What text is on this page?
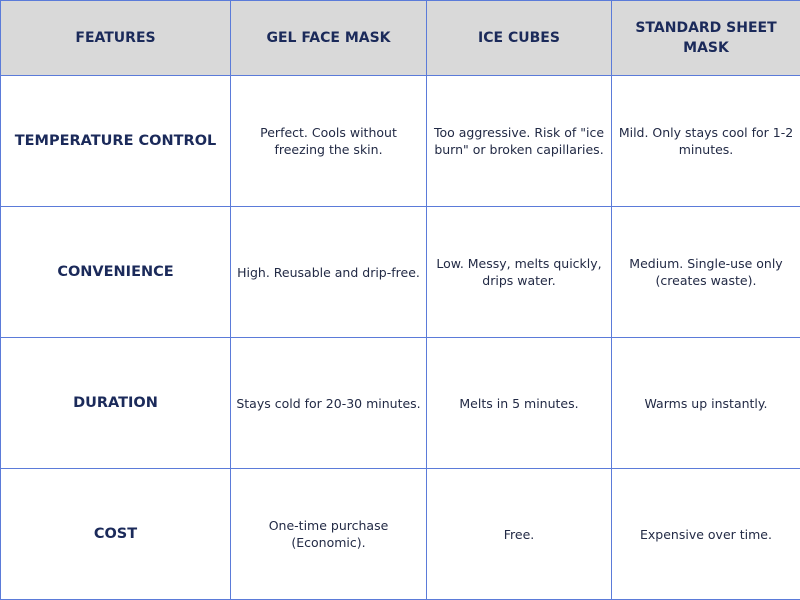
FEATURES	GEL FACE MASK	ICE CUBES	STANDARD SHEET MASK
TEMPERATURE CONTROL	Perfect. Cools without freezing the skin.	Too aggressive. Risk of "ice burn" or broken capillaries.	Mild. Only stays cool for 1-2 minutes.
CONVENIENCE	High. Reusable and drip-free.	Low. Messy, melts quickly, drips water.	Medium. Single-use only (creates waste).
DURATION	Stays cold for 20-30 minutes.	Melts in 5 minutes.	Warms up instantly.
COST	One-time purchase (Economic).	Free.	Expensive over time.
